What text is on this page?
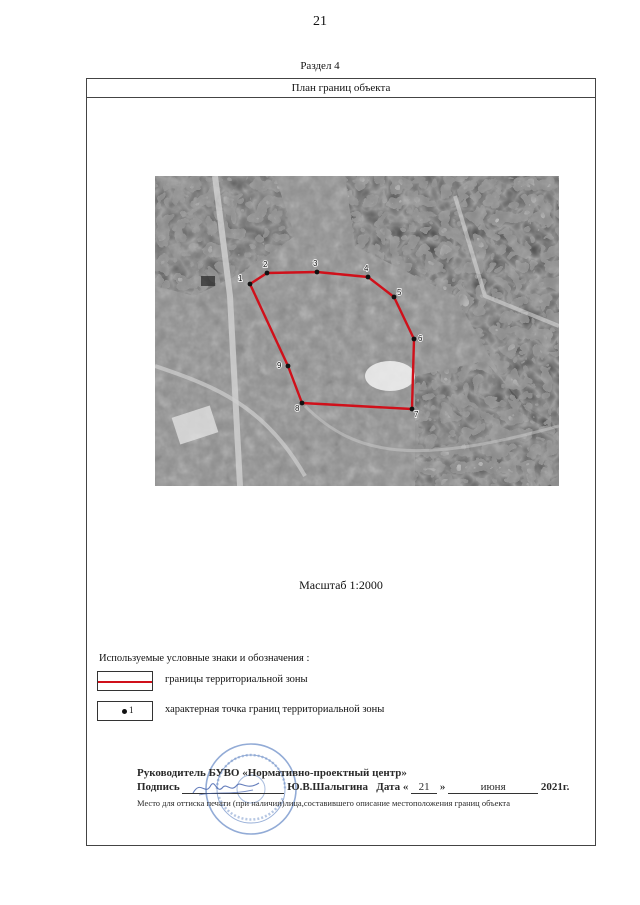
21
Раздел 4
План границ объекта
1
2	3
4
5
6
7
8
9
Масштаб 1:2000
Используемые условные знаки и обозначения :
границы территориальной зоны
1	характерная точка границ территориальной зоны
Руководитель БУВО «Нормативно-проектный центр»
Подпись	Ю.В.Шалыгина Дата « 21 »	июня	2021г.
Место для оттиска печати (при наличии)лица,составившего описание местоположения границ объекта
